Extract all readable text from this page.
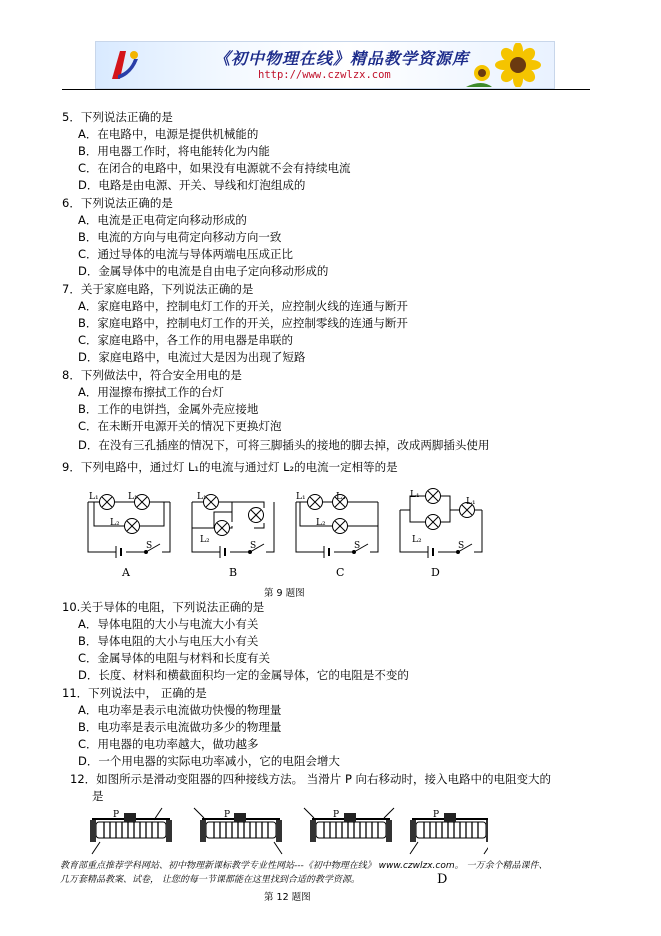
《初中物理在线》精品教学资源库
http://www.czwlzx.com
5．下列说法正确的是
A．在电路中，电源是提供机械能的
B．用电器工作时，将电能转化为内能
C．在闭合的电路中，如果没有电源就不会有持续电流
D．电路是由电源、开关、导线和灯泡组成的
6．下列说法正确的是
A．电流是正电荷定向移动形成的
B．电流的方向与电荷定向移动方向一致
C．通过导体的电流与导体两端电压成正比
D．金属导体中的电流是自由电子定向移动形成的
7．关于家庭电路，下列说法正确的是
A．家庭电路中，控制电灯工作的开关，应控制火线的连通与断开
B．家庭电路中，控制电灯工作的开关，应控制零线的连通与断开
C．家庭电路中，各工作的用电器是串联的
D．家庭电路中，电流过大是因为出现了短路
8．下列做法中，符合安全用电的是
A．用湿擦布擦拭工作的台灯
B．工作的电饼挡，金属外壳应接地
C．在未断开电源开关的情况下更换灯泡
D．在没有三孔插座的情况下，可将三脚插头的接地的脚去掉，改成两脚插头使用
9．下列电路中，通过灯 L₁的电流与通过灯 L₂的电流一定相等的是
L₁	L₁
L₂
S
L₁
L₂
S
L₁	L₂
L₂
S
L₁
L₁
L₂
S
A	B	C	D
第 9 题图
10.关于导体的电阻，下列说法正确的是
A．导体电阻的大小与电流大小有关
B．导体电阻的大小与电压大小有关
C．金属导体的电阻与材料和长度有关
D．长度、材料和横截面积均一定的金属导体，它的电阻是不变的
11．下列说法中， 正确的是
A．电功率是表示电流做功快慢的物理量
B．电功率是表示电流做功多少的物理量
C．用电器的电功率越大，做功越多
D．一个用电器的实际电功率减小，它的电阻会增大
12．如图所示是滑动变阻器的四种接线方法。 当滑片 P 向右移动时，接入电路中的电阻变大的
是
P	P	P	P
教育部重点推荐学科网站、初中物理新课标教学专业性网站---《初中物理在线》 www.czwlzx.com。 一万余个精品课件、
几万套精品教案、试卷， 让您的每一节课都能在这里找到合适的教学资源。	D
第 12 题图
